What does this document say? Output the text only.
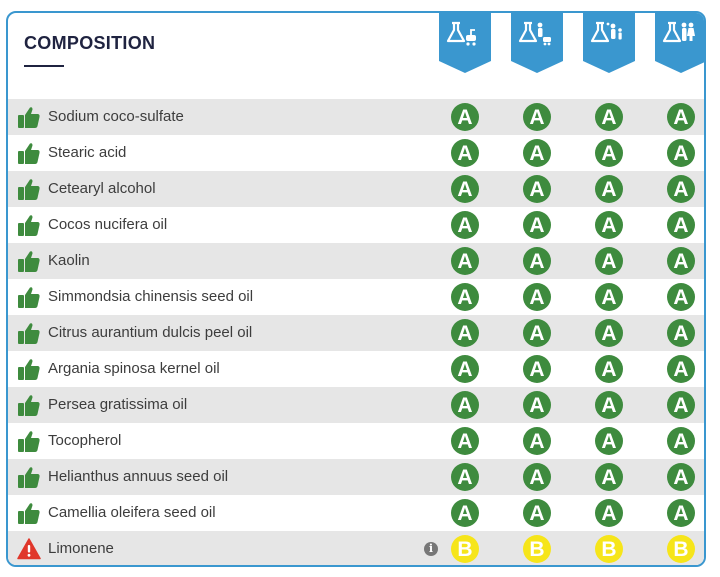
COMPOSITION
Sodium coco-sulfate	A	A	A	A
Stearic acid	A	A	A	A
Cetearyl alcohol	A	A	A	A
Cocos nucifera oil	A	A	A	A
Kaolin	A	A	A	A
Simmondsia chinensis seed oil	A	A	A	A
Citrus aurantium dulcis peel oil	A	A	A	A
Argania spinosa kernel oil	A	A	A	A
Persea gratissima oil	A	A	A	A
Tocopherol	A	A	A	A
Helianthus annuus seed oil	A	A	A	A
Camellia oleifera seed oil	A	A	A	A
Limonene	i	B	B	B	B
